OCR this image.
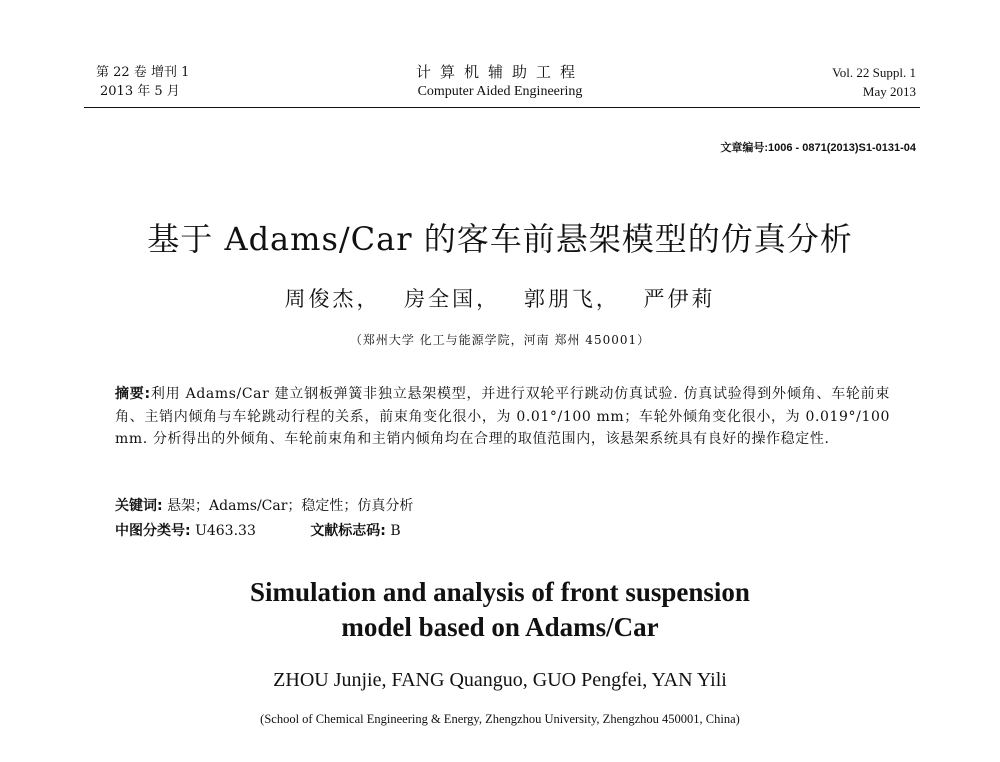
第 22 卷 增刊 1
2013 年 5 月
计算机辅助工程
Computer Aided Engineering
Vol. 22 Suppl. 1
May 2013
文章编号:1006 - 0871(2013)S1-0131-04
基于 Adams/Car 的客车前悬架模型的仿真分析
周俊杰， 房全国， 郭朋飞， 严伊莉
（郑州大学 化工与能源学院，河南 郑州 450001）
摘要:利用 Adams/Car 建立钢板弹簧非独立悬架模型，并进行双轮平行跳动仿真试验. 仿真试验得到外倾角、车轮前束角、主销内倾角与车轮跳动行程的关系，前束角变化很小，为 0.01°/100 mm；车轮外倾角变化很小，为 0.019°/100 mm. 分析得出的外倾角、车轮前束角和主销内倾角均在合理的取值范围内，该悬架系统具有良好的操作稳定性.
关键词: 悬架；Adams/Car；稳定性；仿真分析
中图分类号: U463.33	文献标志码: B
Simulation and analysis of front suspension
model based on Adams/Car
ZHOU Junjie, FANG Quanguo, GUO Pengfei, YAN Yili
(School of Chemical Engineering & Energy, Zhengzhou University, Zhengzhou 450001, China)
